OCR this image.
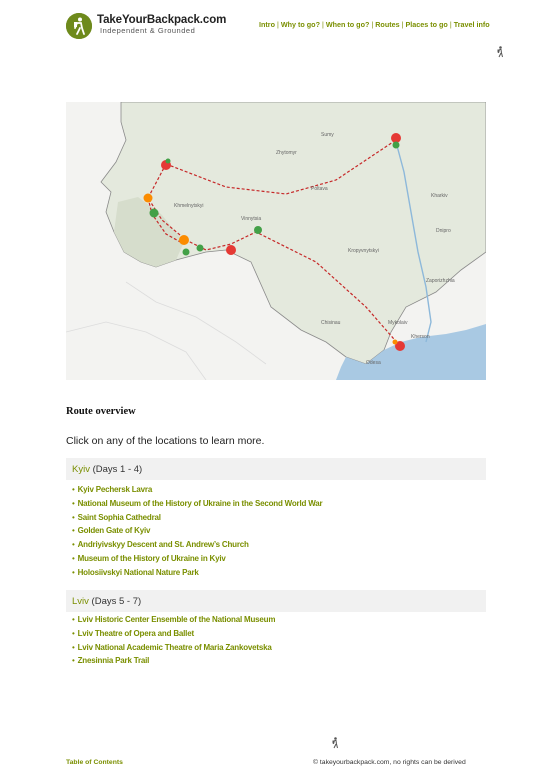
TakeYourBackpack.com
Independent & Grounded
Intro | Why to go? | When to go? | Routes | Places to go | Travel info
Sumy
Kharkiv
Poltava
Dnipro
Vinnytsia
Zhytomyr
Kropyvnytskyi
Khmelnytskyi
Zaporizhzhia
Mykolaiv
Kherson
Odesa
Chisinau
Route overview
Click on any of the locations to learn more.
Kyiv (Days 1 - 4)
• Kyiv Pechersk Lavra
• National Museum of the History of Ukraine in the Second World War
• Saint Sophia Cathedral
• Golden Gate of Kyiv
• Andriyivskyy Descent and St. Andrew’s Church
• Museum of the History of Ukraine in Kyiv
• Holosiivskyi National Nature Park
Lviv (Days 5 - 7)
• Lviv Historic Center Ensemble of the National Museum
• Lviv Theatre of Opera and Ballet
• Lviv National Academic Theatre of Maria Zankovetska
• Znesinnia Park Trail
Table of Contents	© takeyourbackpack.com, no rights can be derived
